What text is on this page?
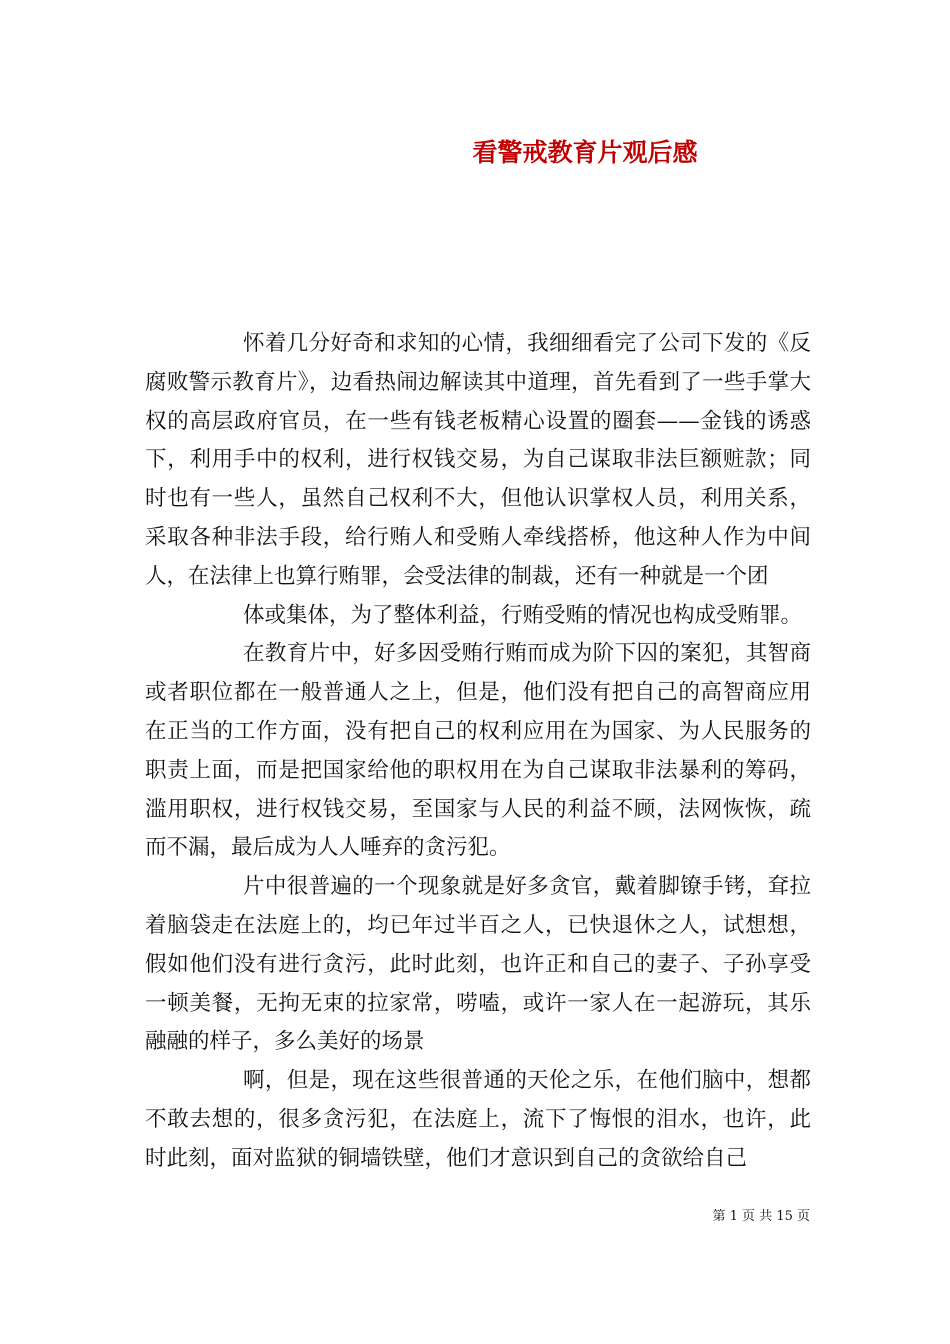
看警戒教育片观后感

怀着几分好奇和求知的心情，我细细看完了公司下发的《反腐败警示教育片》，边看热闹边解读其中道理，首先看到了一些手掌大权的高层政府官员，在一些有钱老板精心设置的圈套——金钱的诱惑下，利用手中的权利，进行权钱交易，为自己谋取非法巨额赃款；同时也有一些人，虽然自己权利不大，但他认识掌权人员，利用关系，采取各种非法手段，给行贿人和受贿人牵线搭桥，他这种人作为中间人，在法律上也算行贿罪，会受法律的制裁，还有一种就是一个团

体或集体，为了整体利益，行贿受贿的情况也构成受贿罪。

在教育片中，好多因受贿行贿而成为阶下囚的案犯，其智商或者职位都在一般普通人之上，但是，他们没有把自己的高智商应用在正当的工作方面，没有把自己的权利应用在为国家、为人民服务的职责上面，而是把国家给他的职权用在为自己谋取非法暴利的筹码，滥用职权，进行权钱交易，至国家与人民的利益不顾，法网恢恢，疏而不漏，最后成为人人唾弃的贪污犯。

片中很普遍的一个现象就是好多贪官，戴着脚镣手铐，耷拉着脑袋走在法庭上的，均已年过半百之人，已快退休之人，试想想，假如他们没有进行贪污，此时此刻，也许正和自己的妻子、子孙享受一顿美餐，无拘无束的拉家常，唠嗑，或许一家人在一起游玩，其乐融融的样子，多么美好的场景

啊，但是，现在这些很普通的天伦之乐，在他们脑中，想都不敢去想的，很多贪污犯，在法庭上，流下了悔恨的泪水，也许，此时此刻，面对监狱的铜墙铁壁，他们才意识到自己的贪欲给自己

第 1 页 共 15 页
